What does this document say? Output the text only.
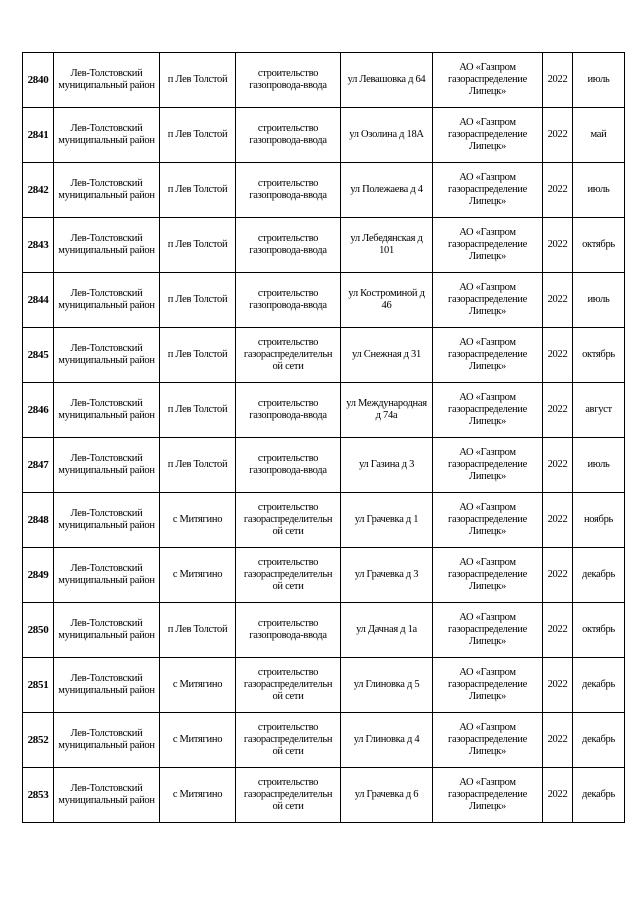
2840	Лев-Толстовский муниципальный район	п Лев Толстой	строительство газопровода-ввода	ул Левашовка д 64	АО «Газпром газораспределение Липецк»	2022	июль
2841	Лев-Толстовский муниципальный район	п Лев Толстой	строительство газопровода-ввода	ул Озолина д 18А	АО «Газпром газораспределение Липецк»	2022	май
2842	Лев-Толстовский муниципальный район	п Лев Толстой	строительство газопровода-ввода	ул Полежаева д 4	АО «Газпром газораспределение Липецк»	2022	июль
2843	Лев-Толстовский муниципальный район	п Лев Толстой	строительство газопровода-ввода	ул Лебедянская д 101	АО «Газпром газораспределение Липецк»	2022	октябрь
2844	Лев-Толстовский муниципальный район	п Лев Толстой	строительство газопровода-ввода	ул Костроминой д 46	АО «Газпром газораспределение Липецк»	2022	июль
2845	Лев-Толстовский муниципальный район	п Лев Толстой	строительство газораспределительн ой сети	ул Снежная д 31	АО «Газпром газораспределение Липецк»	2022	октябрь
2846	Лев-Толстовский муниципальный район	п Лев Толстой	строительство газопровода-ввода	ул Международная д 74а	АО «Газпром газораспределение Липецк»	2022	август
2847	Лев-Толстовский муниципальный район	п Лев Толстой	строительство газопровода-ввода	ул Газина д 3	АО «Газпром газораспределение Липецк»	2022	июль
2848	Лев-Толстовский муниципальный район	с Митягино	строительство газораспределительн ой сети	ул Грачевка д 1	АО «Газпром газораспределение Липецк»	2022	ноябрь
2849	Лев-Толстовский муниципальный район	с Митягино	строительство газораспределительн ой сети	ул Грачевка д 3	АО «Газпром газораспределение Липецк»	2022	декабрь
2850	Лев-Толстовский муниципальный район	п Лев Толстой	строительство газопровода-ввода	ул Дачная д 1а	АО «Газпром газораспределение Липецк»	2022	октябрь
2851	Лев-Толстовский муниципальный район	с Митягино	строительство газораспределительн ой сети	ул Глиновка д 5	АО «Газпром газораспределение Липецк»	2022	декабрь
2852	Лев-Толстовский муниципальный район	с Митягино	строительство газораспределительн ой сети	ул Глиновка д 4	АО «Газпром газораспределение Липецк»	2022	декабрь
2853	Лев-Толстовский муниципальный район	с Митягино	строительство газораспределительн ой сети	ул Грачевка д 6	АО «Газпром газораспределение Липецк»	2022	декабрь
